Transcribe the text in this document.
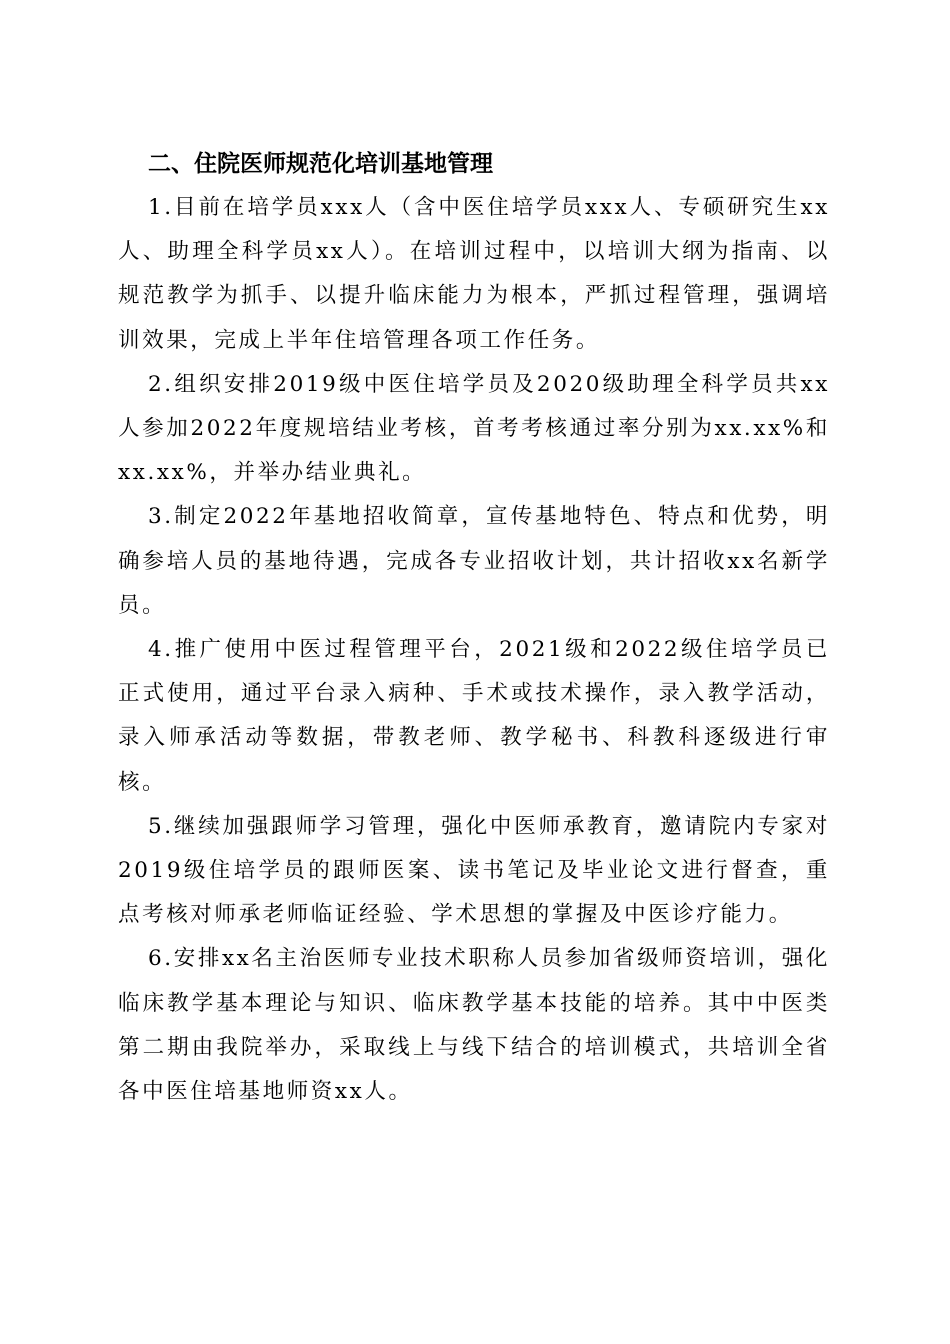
二、住院医师规范化培训基地管理

1.目前在培学员xxx人（含中医住培学员xxx人、专硕研究生xx人、助理全科学员xx人）。在培训过程中，以培训大纲为指南、以规范教学为抓手、以提升临床能力为根本，严抓过程管理，强调培训效果，完成上半年住培管理各项工作任务。

2.组织安排2019级中医住培学员及2020级助理全科学员共xx人参加2022年度规培结业考核，首考考核通过率分别为xx.xx%和xx.xx%，并举办结业典礼。

3.制定2022年基地招收简章，宣传基地特色、特点和优势，明确参培人员的基地待遇，完成各专业招收计划，共计招收xx名新学员。

4.推广使用中医过程管理平台，2021级和2022级住培学员已正式使用，通过平台录入病种、手术或技术操作，录入教学活动，录入师承活动等数据，带教老师、教学秘书、科教科逐级进行审核。

5.继续加强跟师学习管理，强化中医师承教育，邀请院内专家对2019级住培学员的跟师医案、读书笔记及毕业论文进行督查，重点考核对师承老师临证经验、学术思想的掌握及中医诊疗能力。

6.安排xx名主治医师专业技术职称人员参加省级师资培训，强化临床教学基本理论与知识、临床教学基本技能的培养。其中中医类第二期由我院举办，采取线上与线下结合的培训模式，共培训全省各中医住培基地师资xx人。
